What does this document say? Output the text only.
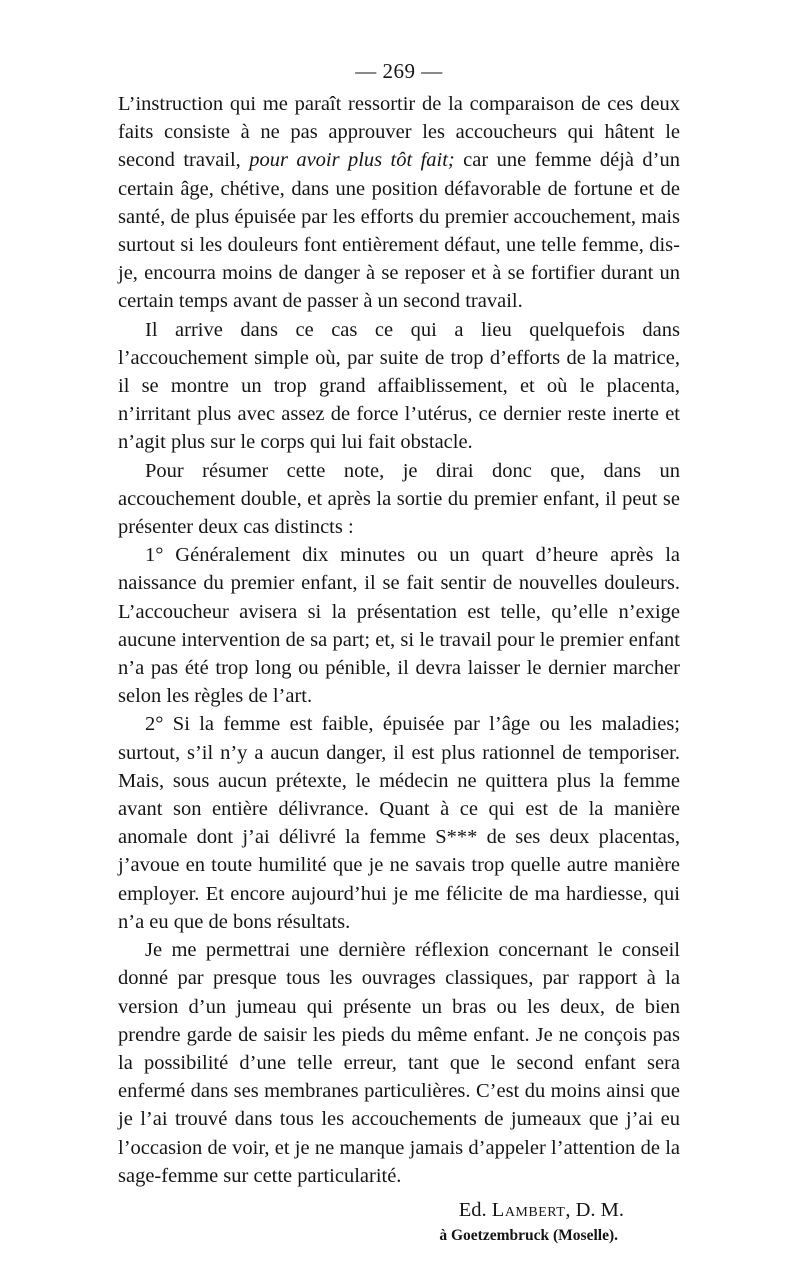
— 269 —

L’instruction qui me paraît ressortir de la comparaison de ces deux faits consiste à ne pas approuver les accoucheurs qui hâtent le second travail, pour avoir plus tôt fait; car une femme déjà d’un certain âge, chétive, dans une position défavorable de fortune et de santé, de plus épuisée par les efforts du premier accouchement, mais surtout si les douleurs font entièrement défaut, une telle femme, dis-je, encourra moins de danger à se reposer et à se fortifier durant un certain temps avant de passer à un second travail.

Il arrive dans ce cas ce qui a lieu quelquefois dans l’accouchement simple où, par suite de trop d’efforts de la matrice, il se montre un trop grand affaiblissement, et où le placenta, n’irritant plus avec assez de force l’utérus, ce dernier reste inerte et n’agit plus sur le corps qui lui fait obstacle.

Pour résumer cette note, je dirai donc que, dans un accouchement double, et après la sortie du premier enfant, il peut se présenter deux cas distincts :

1° Généralement dix minutes ou un quart d’heure après la naissance du premier enfant, il se fait sentir de nouvelles douleurs. L’accoucheur avisera si la présentation est telle, qu’elle n’exige aucune intervention de sa part; et, si le travail pour le premier enfant n’a pas été trop long ou pénible, il devra laisser le dernier marcher selon les règles de l’art.

2° Si la femme est faible, épuisée par l’âge ou les maladies; surtout, s’il n’y a aucun danger, il est plus rationnel de temporiser. Mais, sous aucun prétexte, le médecin ne quittera plus la femme avant son entière délivrance. Quant à ce qui est de la manière anomale dont j’ai délivré la femme S*** de ses deux placentas, j’avoue en toute humilité que je ne savais trop quelle autre manière employer. Et encore aujourd’hui je me félicite de ma hardiesse, qui n’a eu que de bons résultats.

Je me permettrai une dernière réflexion concernant le conseil donné par presque tous les ouvrages classiques, par rapport à la version d’un jumeau qui présente un bras ou les deux, de bien prendre garde de saisir les pieds du même enfant. Je ne conçois pas la possibilité d’une telle erreur, tant que le second enfant sera enfermé dans ses membranes particulières. C’est du moins ainsi que je l’ai trouvé dans tous les accouchements de jumeaux que j’ai eu l’occasion de voir, et je ne manque jamais d’appeler l’attention de la sage-femme sur cette particularité.

Ed. Lambert, D. M.
à Goetzembruck (Moselle).
